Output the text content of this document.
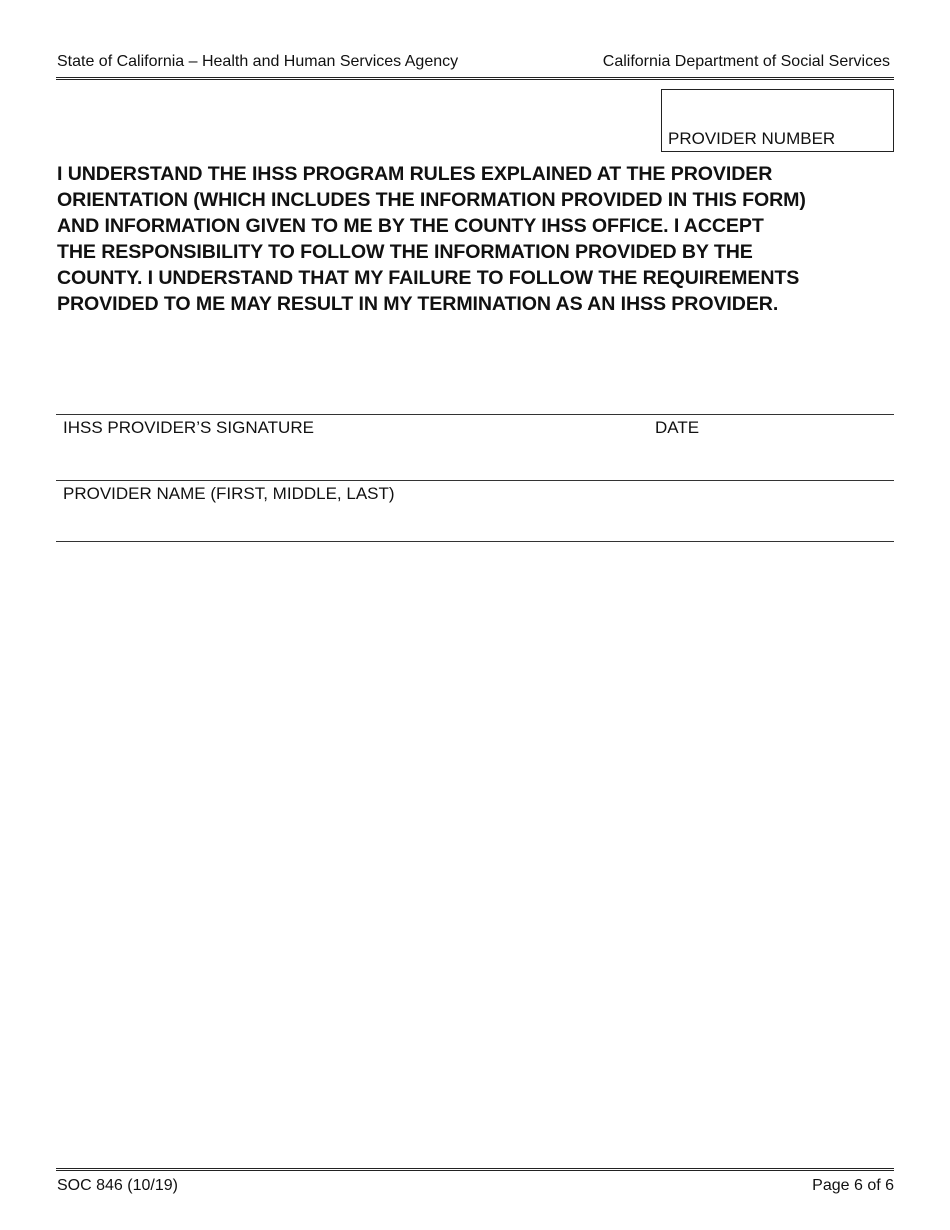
State of California – Health and Human Services Agency	California Department of Social Services
PROVIDER NUMBER

I UNDERSTAND THE IHSS PROGRAM RULES EXPLAINED AT THE PROVIDER
ORIENTATION (WHICH INCLUDES THE INFORMATION PROVIDED IN THIS FORM)
AND INFORMATION GIVEN TO ME BY THE COUNTY IHSS OFFICE. I ACCEPT
THE RESPONSIBILITY TO FOLLOW THE INFORMATION PROVIDED BY THE
COUNTY. I UNDERSTAND THAT MY FAILURE TO FOLLOW THE REQUIREMENTS
PROVIDED TO ME MAY RESULT IN MY TERMINATION AS AN IHSS PROVIDER.

IHSS PROVIDER’S SIGNATURE	DATE
PROVIDER NAME (FIRST, MIDDLE, LAST)
SOC 846 (10/19)	Page 6 of 6
